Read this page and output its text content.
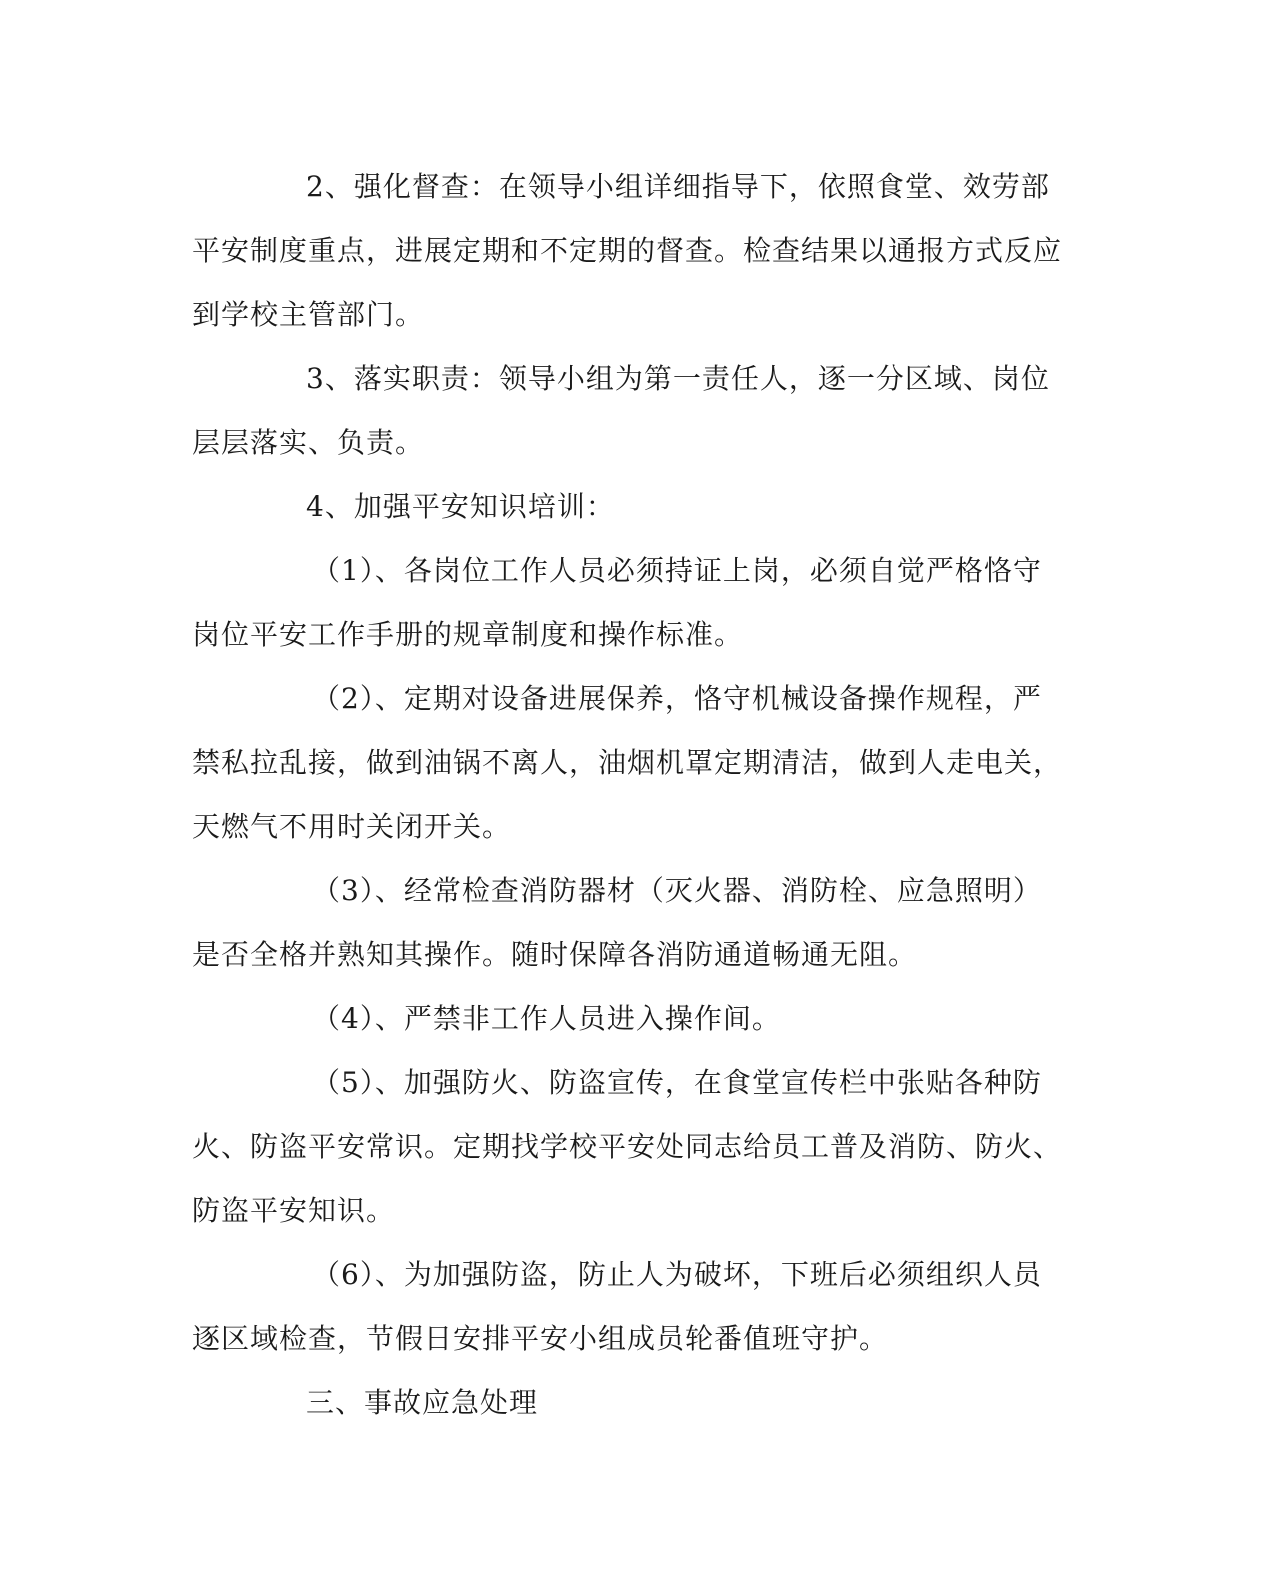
2、强化督查：在领导小组详细指导下，依照食堂、效劳部
平安制度重点，进展定期和不定期的督查。检查结果以通报方式反应
到学校主管部门。
3、落实职责：领导小组为第一责任人，逐一分区域、岗位
层层落实、负责。
4、加强平安知识培训：
（1）、各岗位工作人员必须持证上岗，必须自觉严格恪守
岗位平安工作手册的规章制度和操作标准。
（2）、定期对设备进展保养，恪守机械设备操作规程，严
禁私拉乱接，做到油锅不离人，油烟机罩定期清洁，做到人走电关，
天燃气不用时关闭开关。
（3）、经常检查消防器材（灭火器、消防栓、应急照明）
是否全格并熟知其操作。随时保障各消防通道畅通无阻。
（4）、严禁非工作人员进入操作间。
（5）、加强防火、防盗宣传，在食堂宣传栏中张贴各种防
火、防盗平安常识。定期找学校平安处同志给员工普及消防、防火、
防盗平安知识。
（6）、为加强防盗，防止人为破坏，下班后必须组织人员
逐区域检查，节假日安排平安小组成员轮番值班守护。
三、事故应急处理
